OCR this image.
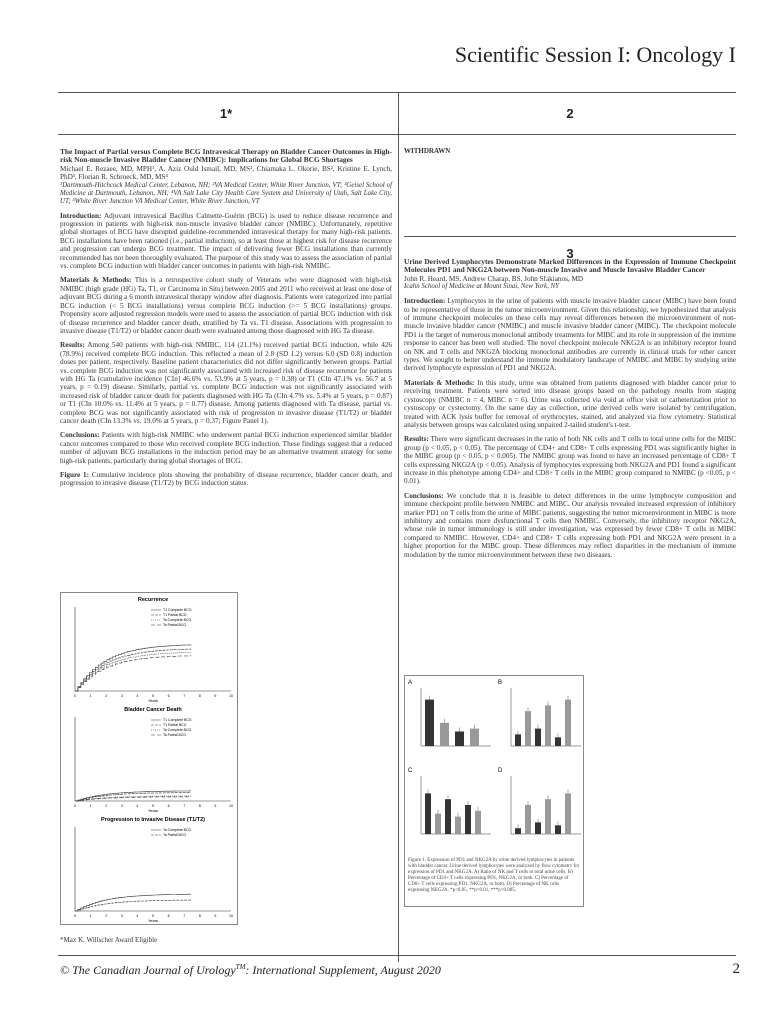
Scientific Session I: Oncology I
1*
The Impact of Partial versus Complete BCG Intravesical Therapy on Bladder Cancer Outcomes in High-risk Non-muscle Invasive Bladder Cancer (NMIBC): Implications for Global BCG Shortages
Michael E. Rezaee, MD, MPH¹, A. Aziz Ould Ismail, MD, MS², Chiamaka L. Okorie, BS², Kristine E. Lynch, PhD³, Florian R. Schroeck, MD, MS⁴
¹Dartmouth-Hitchcock Medical Center, Lebanon, NH; ²VA Medical Center, White River Junction, VT; ³Geisel School of Medicine at Dartmouth, Lebanon, NH; ⁴VA Salt Lake City Health Care System and University of Utah, Salt Lake City, UT; ⁵White River Junction VA Medical Center, White River Junction, VT
Introduction: Adjuvant intravesical Bacillus Calmette-Guérin (BCG) is used to reduce disease recurrence and progression in patients with high-risk non-muscle invasive bladder cancer (NMIBC). Unfortunately, repetitive global shortages of BCG have disrupted guideline-recommended intravesical therapy for many high-risk patients. BCG installations have been rationed (i.e., partial induction), so at least those at highest risk for disease recurrence and progression can undergo BCG treatment. The impact of delivering fewer BCG installations than currently recommended has not been thoroughly evaluated. The purpose of this study was to assess the association of partial vs. complete BCG induction with bladder cancer outcomes in patients with high-risk NMIBC.
Materials & Methods: This is a retrospective cohort study of Veterans who were diagnosed with high-risk NMIBC (high grade (HG) Ta, T1, or Carcinoma in Situ) between 2005 and 2011 who received at least one dose of adjuvant BCG during a 6 month intravesical therapy window after diagnosis. Patients were categorized into partial BCG induction (< 5 BCG installations) versus complete BCG induction (>= 5 BCG installations) groups. Propensity score adjusted regression models were used to assess the association of partial BCG induction with risk of disease recurrence and bladder cancer death, stratified by Ta vs. T1 disease. Associations with progression to invasive disease (T1/T2) or bladder cancer death were evaluated among those diagnosed with HG Ta disease.
Results: Among 540 patients with high-risk NMIBC, 114 (21.1%) received partial BCG induction, while 426 (78.9%) received complete BCG induction. This reflected a mean of 2.8 (SD 1.2) versus 6.0 (SD 0.8) induction doses per patient, respectively. Baseline patient characteristics did not differ significantly between groups. Partial vs. complete BCG induction was not significantly associated with increased risk of disease recurrence for patients with HG Ta (cumulative incidence [CIn] 46.6% vs. 53.9% at 5 years, p = 0.38) or T1 (CIn 47.1% vs. 56.7 at 5 years, p = 0.19) disease. Similarly, partial vs. complete BCG induction was not significantly associated with increased risk of bladder cancer death for patients diagnosed with HG Ta (CIn 4.7% vs. 5.4% at 5 years, p = 0.87) or T1 (CIn 10.0% vs. 11.4% at 5 years, p = 0.77) disease. Among patients diagnosed with Ta disease, partial vs. complete BCG was not significantly associated with risk of progression to invasive disease (T1/T2) or bladder cancer death (CIn 13.3% vs. 19.0% at 5 years, p = 0.37; Figure Panel 1).
Conclusions: Patients with high-risk NMIBC who underwent partial BCG induction experienced similar bladder cancer outcomes compared to those who received complete BCG induction. These findings suggest that a reduced number of adjuvant BCG installations in the induction period may be an alternative treatment strategy for some high-risk patients, particularly during global shortages of BCG.
Figure 1: Cumulative incidence plots showing the probability of disease recurrence, bladder cancer death, and progression to invasive disease (T1/T2) by BCG induction status.
Recurrence
0	1	2	3	4	5	6	7	8	9	10
Years
T1 Complete BCG
T1 Partial BCG
Ta Complete BCG
Ta Partial BCG
Bladder Cancer Death
0	1	2	3	4	5	6	7	8	9	10
Years
T1 Complete BCG
T1 Partial BCG
Ta Complete BCG
Ta Partial BCG
Progression to Invasive Disease (T1/T2)
0	1	2	3	4	5	6	7	8	9	10
Years
Ta Complete BCG
Ta Partial BCG
*Max K. Willscher Award Eligible
2
WITHDRAWN
3
Urine Derived Lymphocytes Demonstrate Marked Differences in the Expression of Immune Checkpoint Molecules PD1 and NKG2A between Non-muscle Invasive and Muscle Invasive Bladder Cancer
John R. Heard, MS, Andrew Charap, BS, John Sfakianos, MD
Icahn School of Medicine at Mount Sinai, New York, NY
Introduction: Lymphocytes in the urine of patients with muscle invasive bladder cancer (MIBC) have been found to be representative of those in the tumor microenvironment. Given this relationship, we hypothesized that analysis of immune checkpoint molecules on these cells may reveal differences between the microenvironment of non-muscle invasive bladder cancer (NMIBC) and muscle invasive bladder cancer (MIBC). The checkpoint molecule PD1 is the target of numerous monoclonal antibody treatments for MIBC and its role in suppression of the immune response to cancer has been well studied. The novel checkpoint molecule NKG2A is an inhibitory receptor found on NK and T cells and NKG2A blocking monoclonal antibodies are currently in clinical trials for other cancer types. We sought to better understand the immune modulatory landscape of NMIBC and MIBC by studying urine derived lymphocyte expression of PD1 and NKG2A.
Materials & Methods: In this study, urine was obtained from patients diagnosed with bladder cancer prior to receiving treatment. Patients were sorted into disease groups based on the pathology results from staging cystoscopy (NMIBC n = 4, MIBC n = 6). Urine was collected via void at office visit or catheterization prior to cystoscopy or cystectomy. On the same day as collection, urine derived cells were isolated by centrifugation, treated with ACK lysis buffer for removal of erythrocytes, stained, and analyzed via flow cytometry. Statistical analysis between groups was calculated using unpaired 2-tailed student's t-test.
Results: There were significant decreases in the ratio of both NK cells and T cells to total urine cells for the MIBC group (p < 0.05, p < 0.05). The percentage of CD4+ and CD8+ T cells expressing PD1 was significantly higher in the MIBC group (p < 0.05, p < 0.005). The NMIBC group was found to have an increased percentage of CD8+ T cells expressing NKG2A (p < 0.05). Analysis of lymphocytes expressing both NKG2A and PD1 found a significant increase in this phenotype among CD4+ and CD8+ T cells in the MIBC group compared to NMIBC (p <0.05, p < 0.01).
Conclusions: We conclude that it is feasible to detect differences in the urine lymphocyte composition and immune checkpoint profile between NMIBC and MIBC. Our analysis revealed increased expression of inhibitory marker PD1 on T cells from the urine of MIBC patients, suggesting the tumor microenvironment in MIBC is more inhibitory and contains more dysfunctional T cells then NMIBC. Conversely, the inhibitory receptor NKG2A, whose role in tumor immunology is still under investigation, was expressed by fewer CD8+ T cells in MIBC compared to NMIBC. However, CD4+ and CD8+ T cells expressing both PD1 and NKG2A were present in a higher proportion for the MIBC group. These differences may reflect disparities in the mechanism of immune modulation by the tumor microenvironment between these two diseases.
A	B
C	D
Figure 1. Expression of PD1 and NKG2A by urine derived lymphocytes in patients with bladder cancer. Urine derived lymphocytes were analyzed by flow cytometry for expression of PD1 and NKG2A. A) Ratio of NK and T cells to total urine cells. B) Percentage of CD4+ T cells expressing PD1, NKG2A, or both. C) Percentage of CD8+ T cells expressing PD1, NKG2A, or both. D) Percentage of NK cells expressing NKG2A. *p<0.05, **p<0.01, ***p<0.005.
© The Canadian Journal of Urology™: International Supplement, August 2020	2
